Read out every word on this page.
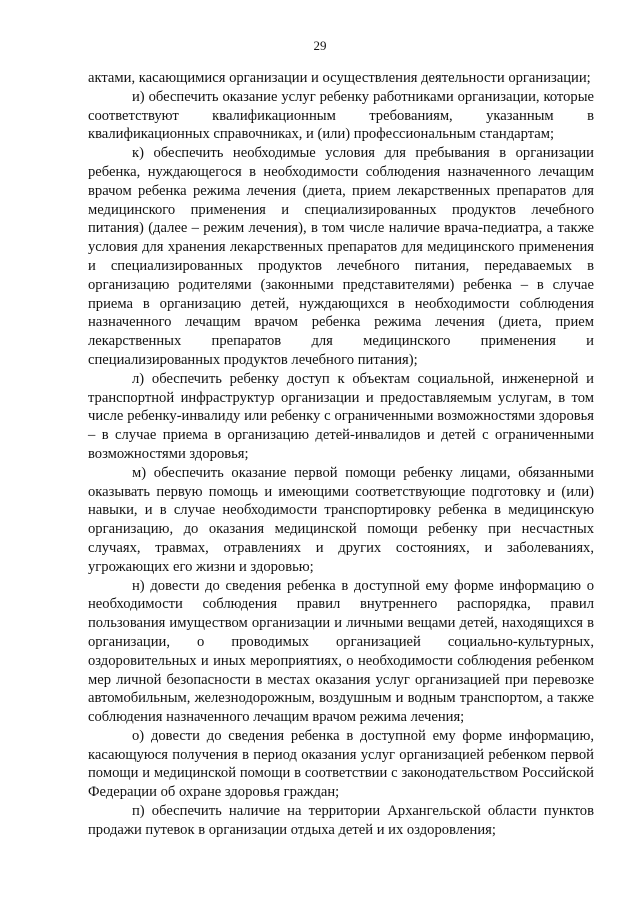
29

актами, касающимися организации и осуществления деятельности организации;

и) обеспечить оказание услуг ребенку работниками организации, которые соответствуют квалификационным требованиям, указанным в квалификационных справочниках, и (или) профессиональным стандартам;

к) обеспечить необходимые условия для пребывания в организации ребенка, нуждающегося в необходимости соблюдения назначенного лечащим врачом ребенка режима лечения (диета, прием лекарственных препаратов для медицинского применения и специализированных продуктов лечебного питания) (далее – режим лечения), в том числе наличие врача-педиатра, а также условия для хранения лекарственных препаратов для медицинского применения и специализированных продуктов лечебного питания, передаваемых в организацию родителями (законными представителями) ребенка – в случае приема в организацию детей, нуждающихся в необходимости соблюдения назначенного лечащим врачом ребенка режима лечения (диета, прием лекарственных препаратов для медицинского применения и специализированных продуктов лечебного питания);

л) обеспечить ребенку доступ к объектам социальной, инженерной и транспортной инфраструктур организации и предоставляемым услугам, в том числе ребенку-инвалиду или ребенку с ограниченными возможностями здоровья – в случае приема в организацию детей-инвалидов и детей с ограниченными возможностями здоровья;

м) обеспечить оказание первой помощи ребенку лицами, обязанными оказывать первую помощь и имеющими соответствующие подготовку и (или) навыки, и в случае необходимости транспортировку ребенка в медицинскую организацию, до оказания медицинской помощи ребенку при несчастных случаях, травмах, отравлениях и других состояниях, и заболеваниях, угрожающих его жизни и здоровью;

н) довести до сведения ребенка в доступной ему форме информацию о необходимости соблюдения правил внутреннего распорядка, правил пользования имуществом организации и личными вещами детей, находящихся в организации, о проводимых организацией социально-культурных, оздоровительных и иных мероприятиях, о необходимости соблюдения ребенком мер личной безопасности в местах оказания услуг организацией при перевозке автомобильным, железнодорожным, воздушным и водным транспортом, а также соблюдения назначенного лечащим врачом режима лечения;

о) довести до сведения ребенка в доступной ему форме информацию, касающуюся получения в период оказания услуг организацией ребенком первой помощи и медицинской помощи в соответствии с законодательством Российской Федерации об охране здоровья граждан;

п) обеспечить наличие на территории Архангельской области пунктов продажи путевок в организации отдыха детей и их оздоровления;
